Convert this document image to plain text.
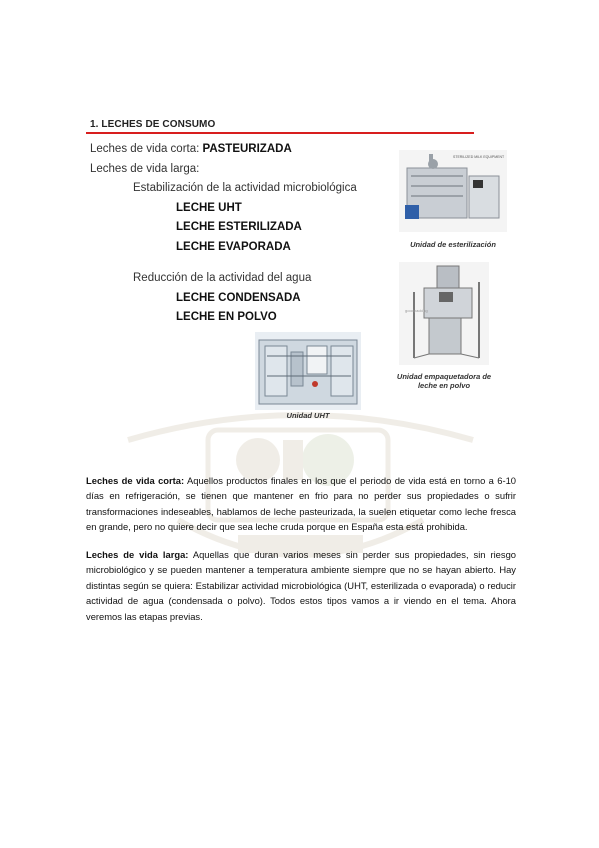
1. LECHES DE CONSUMO
Leches de vida corta: PASTEURIZADA
Leches de vida larga:
Estabilización de la actividad microbiológica
LECHE UHT
LECHE ESTERILIZADA
LECHE EVAPORADA
Reducción de la actividad del agua
LECHE CONDENSADA
LECHE EN POLVO
STERILIZED MILK EQUIPMENT
Unidad de esterilización
goodpacking
Unidad empaquetadora de
leche en polvo
Unidad UHT
Leches de vida corta: Aquellos productos finales en los que el periodo de vida está en torno a 6-10 días en refrigeración, se tienen que mantener en frio para no perder sus propiedades o sufrir transformaciones indeseables, hablamos de leche pasteurizada, la suelen etiquetar como leche fresca en grande, pero no quiere decir que sea leche cruda porque en España esta está prohibida.
Leches de vida larga: Aquellas que duran varios meses sin perder sus propiedades, sin riesgo microbiológico y se pueden mantener a temperatura ambiente siempre que no se hayan abierto. Hay distintas según se quiera: Estabilizar actividad microbiológica (UHT, esterilizada o evaporada) o reducir actividad de agua (condensada o polvo). Todos estos tipos vamos a ir viendo en el tema. Ahora veremos las etapas previas.
